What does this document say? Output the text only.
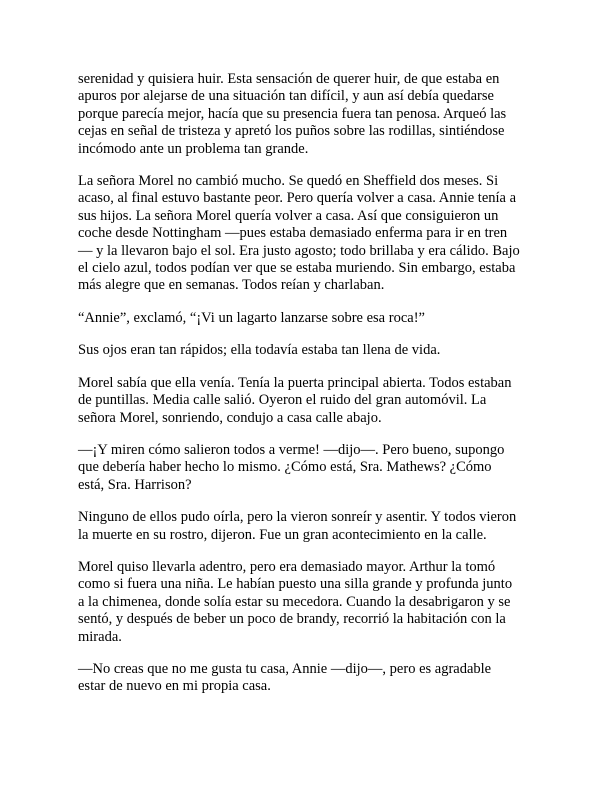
serenidad y quisiera huir. Esta sensación de querer huir, de que estaba en
apuros por alejarse de una situación tan difícil, y aun así debía quedarse
porque parecía mejor, hacía que su presencia fuera tan penosa. Arqueó las
cejas en señal de tristeza y apretó los puños sobre las rodillas, sintiéndose
incómodo ante un problema tan grande.

La señora Morel no cambió mucho. Se quedó en Sheffield dos meses. Si
acaso, al final estuvo bastante peor. Pero quería volver a casa. Annie tenía a
sus hijos. La señora Morel quería volver a casa. Así que consiguieron un
coche desde Nottingham —pues estaba demasiado enferma para ir en tren
— y la llevaron bajo el sol. Era justo agosto; todo brillaba y era cálido. Bajo
el cielo azul, todos podían ver que se estaba muriendo. Sin embargo, estaba
más alegre que en semanas. Todos reían y charlaban.

“Annie”, exclamó, “¡Vi un lagarto lanzarse sobre esa roca!”

Sus ojos eran tan rápidos; ella todavía estaba tan llena de vida.

Morel sabía que ella venía. Tenía la puerta principal abierta. Todos estaban
de puntillas. Media calle salió. Oyeron el ruido del gran automóvil. La
señora Morel, sonriendo, condujo a casa calle abajo.

—¡Y miren cómo salieron todos a verme! —dijo—. Pero bueno, supongo
que debería haber hecho lo mismo. ¿Cómo está, Sra. Mathews? ¿Cómo
está, Sra. Harrison?

Ninguno de ellos pudo oírla, pero la vieron sonreír y asentir. Y todos vieron
la muerte en su rostro, dijeron. Fue un gran acontecimiento en la calle.

Morel quiso llevarla adentro, pero era demasiado mayor. Arthur la tomó
como si fuera una niña. Le habían puesto una silla grande y profunda junto
a la chimenea, donde solía estar su mecedora. Cuando la desabrigaron y se
sentó, y después de beber un poco de brandy, recorrió la habitación con la
mirada.

—No creas que no me gusta tu casa, Annie —dijo—, pero es agradable
estar de nuevo en mi propia casa.
